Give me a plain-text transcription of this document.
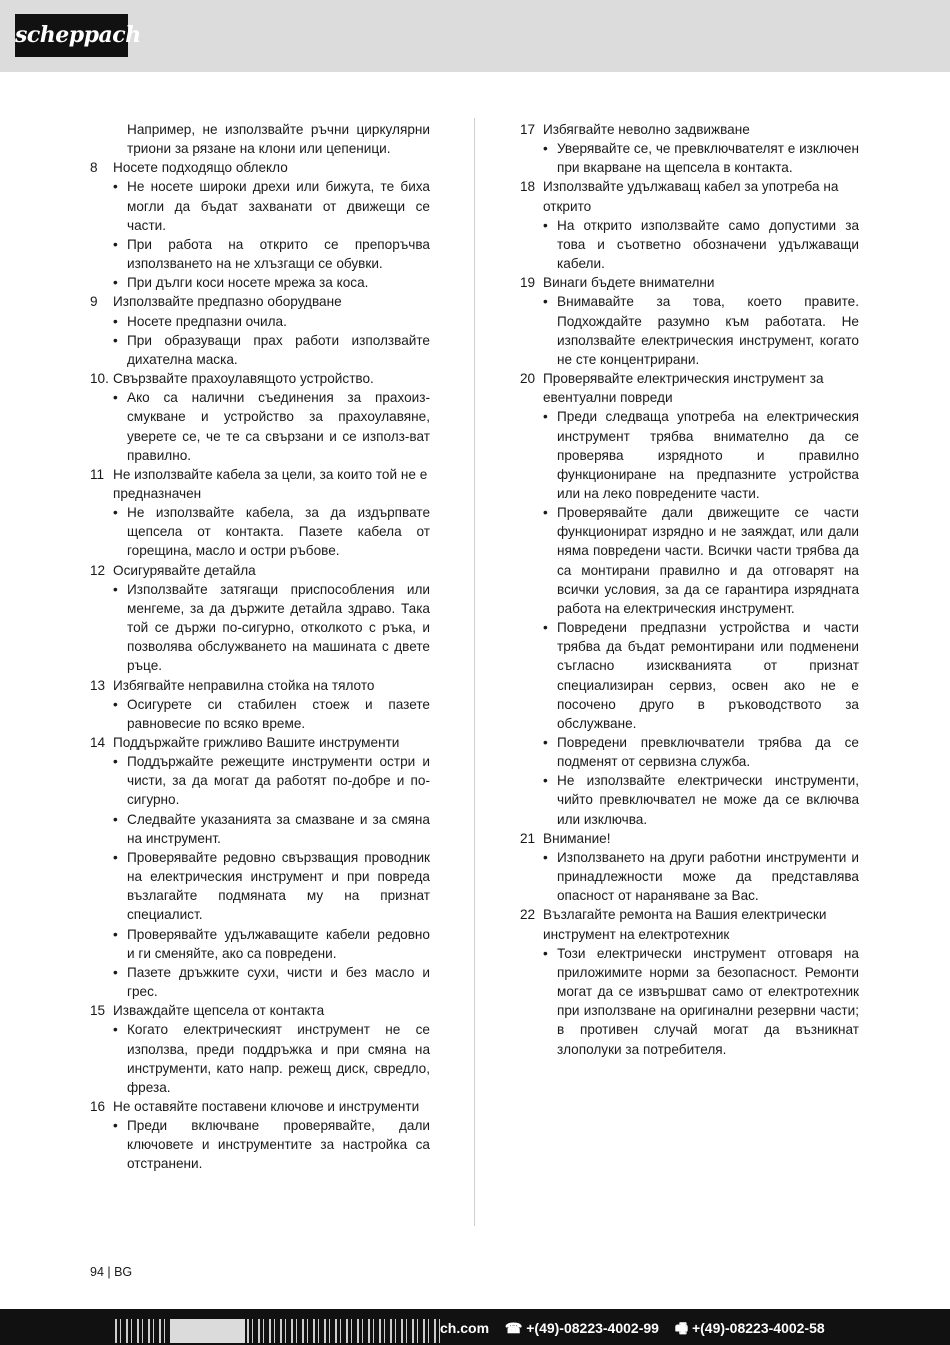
scheppach
Например, не използвайте ръчни циркулярни триони за рязане на клони или цепеници.
8	Носете подходящо облекло
• Не носете широки дрехи или бижута, те биха могли да бъдат захванати от движещи се части.
• При работа на открито се препоръчва използването на не хлъзгащи се обувки.
• При дълги коси носете мрежа за коса.
9	Използвайте предпазно оборудване
• Носете предпазни очила.
• При образуващи прах работи използвайте дихателна маска.
10. Свързвайте прахоулавящото устройство.
• Ако са налични съединения за прахоиз-смукване и устройство за прахоулавяне, уверете се, че те са свързани и се използ-ват правилно.
11 Не използвайте кабела за цели, за които той не е предназначен
• Не използвайте кабела, за да издърпвате щепсела от контакта. Пазете кабела от горещина, масло и остри ръбове.
12 Осигурявайте детайла
• Използвайте затягащи приспособления или менгеме, за да държите детайла здраво. Така той се държи по-сигурно, отколкото с ръка, и позволява обслужването на машината с двете ръце.
13 Избягвайте неправилна стойка на тялото
• Осигурете си стабилен стоеж и пазете равновесие по всяко време.
14 Поддържайте грижливо Вашите инструменти
• Поддържайте режещите инструменти остри и чисти, за да могат да работят по-добре и по-сигурно.
• Следвайте указанията за смазване и за смяна на инструмент.
• Проверявайте редовно свързващия проводник на електрическия инструмент и при повреда възлагайте подмяната му на признат специалист.
• Проверявайте удължаващите кабели редовно и ги сменяйте, ако са повредени.
• Пазете дръжките сухи, чисти и без масло и грес.
15 Изваждайте щепсела от контакта
• Когато електрическият инструмент не се използва, преди поддръжка и при смяна на инструменти, като напр. режещ диск, свредло, фреза.
16 Не оставяйте поставени ключове и инструменти
• Преди включване проверявайте, дали ключовете и инструментите за настройка са отстранени.
17 Избягвайте неволно задвижване
• Уверявайте се, че превключвателят е изключен при вкарване на щепсела в контакта.
18 Използвайте удължаващ кабел за употреба на открито
• На открито използвайте само допустими за това и съответно обозначени удължаващи кабели.
19 Винаги бъдете внимателни
• Внимавайте за това, което правите. Подхождайте разумно към работата. Не използвайте електрическия инструмент, когато не сте концентрирани.
20 Проверявайте електрическия инструмент за евентуални повреди
• Преди следваща употреба на електрическия инструмент трябва внимателно да се проверява изрядното и правилно функциониране на предпазните устройства или на леко повредените части.
• Проверявайте дали движещите се части функционират изрядно и не заяждат, или дали няма повредени части. Всички части трябва да са монтирани правилно и да отговарят на всички условия, за да се гарантира изрядната работа на електрическия инструмент.
• Повредени предпазни устройства и части трябва да бъдат ремонтирани или подменени съгласно изискванията от признат специализиран сервиз, освен ако не е посочено друго в ръководството за обслужване.
• Повредени превключватели трябва да се подменят от сервизна служба.
• Не използвайте електрически инструменти, чийто превключвател не може да се включва или изключва.
21 Внимание!
• Използването на други работни инструменти и принадлежности може да представлява опасност от нараняване за Вас.
22 Възлагайте ремонта на Вашия електрически инструмент на електротехник
• Този електрически инструмент отговаря на приложимите норми за безопасност. Ремонти могат да се извършват само от електротехник при използване на оригинални резервни части; в противен случай могат да възникнат злополуки за потребителя.
94 | BG
ch.com ☎ +(49)-08223-4002-99 🖷 +(49)-08223-4002-58
